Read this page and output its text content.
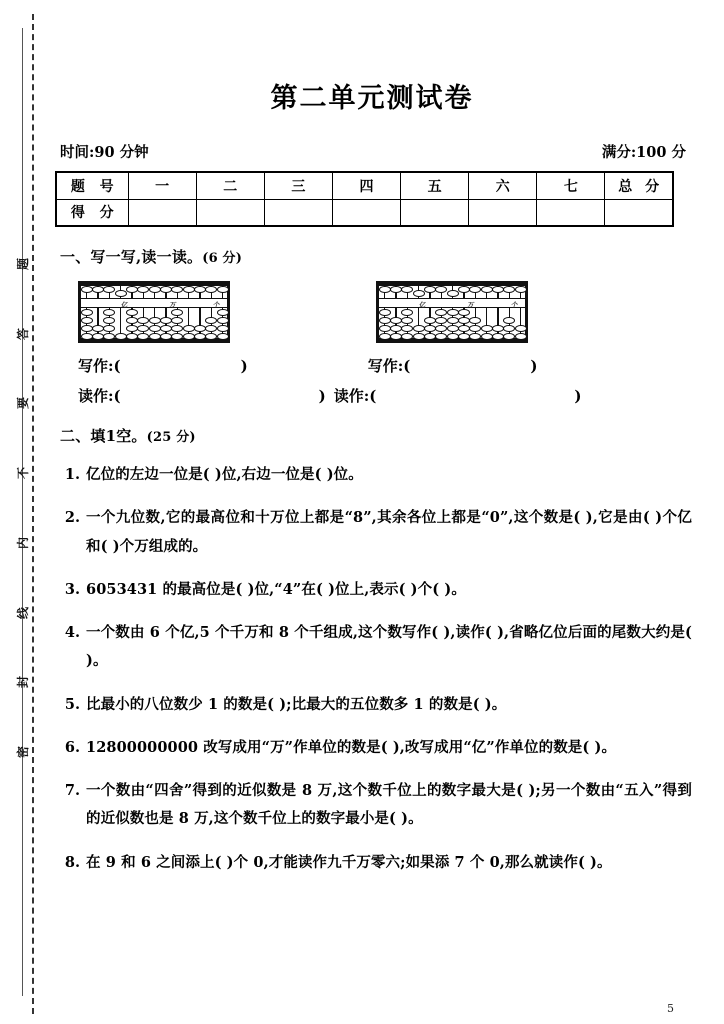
题
答
要
不
内
线
封
密
第二单元测试卷
时间:90 分钟	满分:100 分
题 号	一	二	三	四	五	六	七	总 分
得 分								
一、写一写,读一读。(6 分)
亿	万	个	亿	万	个
写作:(	)	写作:(	)
读作:(	) 读作:(	)
二、填1空。(25 分)
1. 亿位的左边一位是( )位,右边一位是( )位。
2. 一个九位数,它的最高位和十万位上都是“8”,其余各位上都是“0”,这个数是( ),它是由( )个亿和( )个万组成的。
3. 6053431 的最高位是( )位,“4”在( )位上,表示( )个( )。
4. 一个数由 6 个亿,5 个千万和 8 个千组成,这个数写作( ),读作( ),省略亿位后面的尾数大约是( )。
5. 比最小的八位数少 1 的数是( );比最大的五位数多 1 的数是( )。
6. 12800000000 改写成用“万”作单位的数是( ),改写成用“亿”作单位的数是( )。
7. 一个数由“四舍”得到的近似数是 8 万,这个数千位上的数字最大是( );另一个数由“五入”得到的近似数也是 8 万,这个数千位上的数字最小是( )。
8. 在 9 和 6 之间添上( )个 0,才能读作九千万零六;如果添 7 个 0,那么就读作( )。
5
